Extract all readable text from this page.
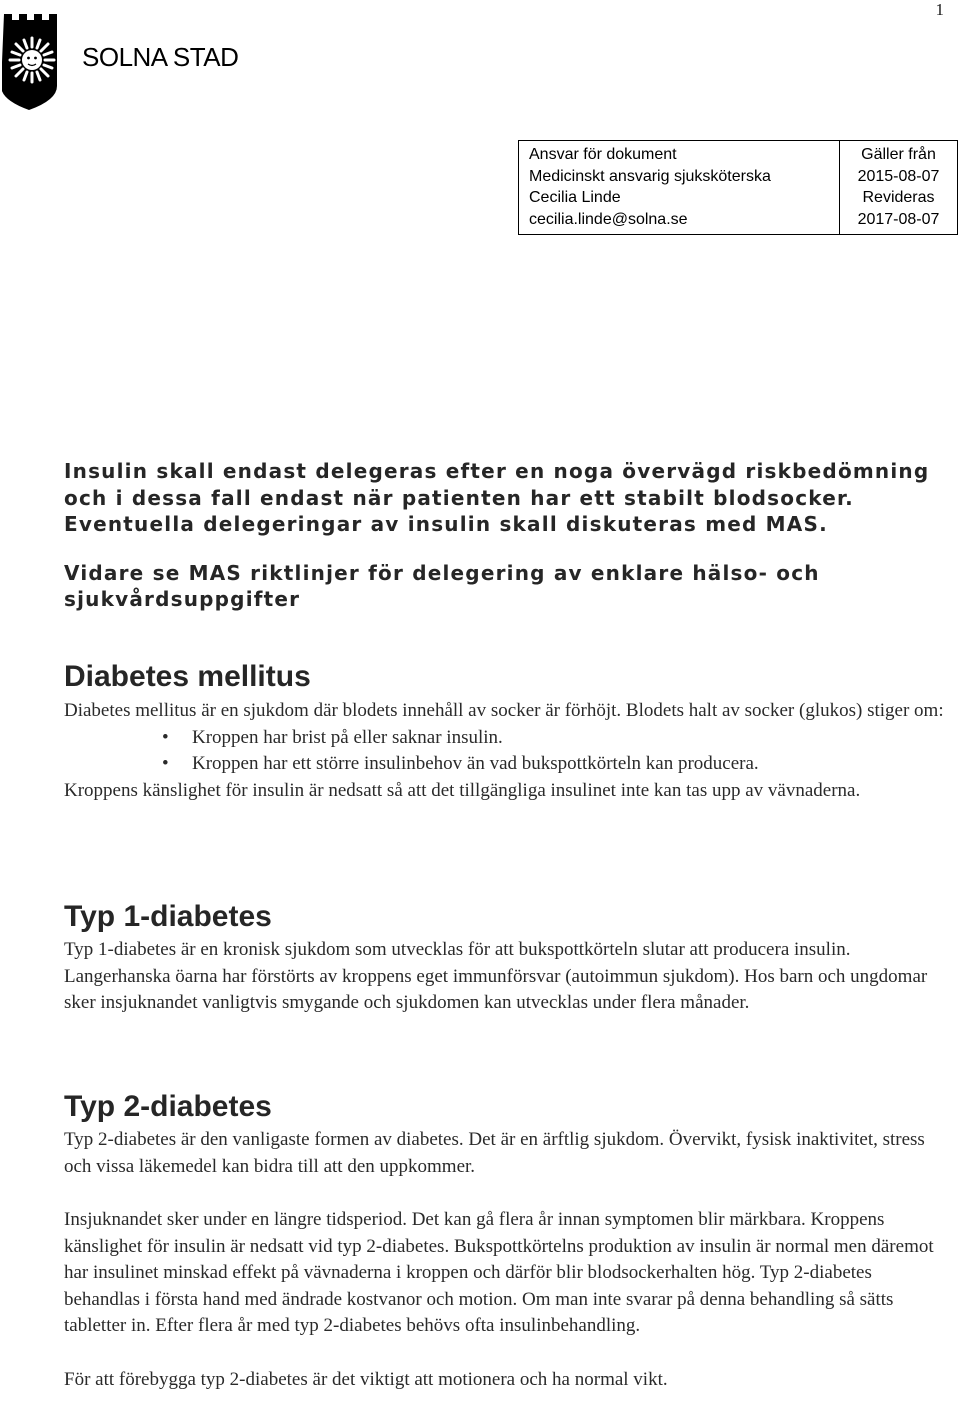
1
SOLNA STAD
Ansvar för dokument
Medicinskt ansvarig sjuksköterska
Cecilia Linde
cecilia.linde@solna.se

Gäller från
2015-08-07
Revideras
2017-08-07

Insulin skall endast delegeras efter en noga övervägd riskbedömning och i dessa fall endast när patienten har ett stabilt blodsocker. Eventuella delegeringar av insulin skall diskuteras med MAS.

Vidare se MAS riktlinjer för delegering av enklare hälso- och sjukvårdsuppgifter

Diabetes mellitus

Diabetes mellitus är en sjukdom där blodets innehåll av socker är förhöjt. Blodets halt av socker (glukos) stiger om:

• Kroppen har brist på eller saknar insulin.
• Kroppen har ett större insulinbehov än vad bukspottkörteln kan producera.

Kroppens känslighet för insulin är nedsatt så att det tillgängliga insulinet inte kan tas upp av vävnaderna.

Typ 1-diabetes

Typ 1-diabetes är en kronisk sjukdom som utvecklas för att bukspottkörteln slutar att producera insulin. Langerhanska öarna har förstörts av kroppens eget immunförsvar (autoimmun sjukdom). Hos barn och ungdomar sker insjuknandet vanligtvis smygande och sjukdomen kan utvecklas under flera månader.

Typ 2-diabetes

Typ 2-diabetes är den vanligaste formen av diabetes. Det är en ärftlig sjukdom. Övervikt, fysisk inaktivitet, stress och vissa läkemedel kan bidra till att den uppkommer.

Insjuknandet sker under en längre tidsperiod. Det kan gå flera år innan symptomen blir märkbara. Kroppens känslighet för insulin är nedsatt vid typ 2-diabetes. Bukspottkörtelns produktion av insulin är normal men däremot har insulinet minskad effekt på vävnaderna i kroppen och därför blir blodsockerhalten hög. Typ 2-diabetes behandlas i första hand med ändrade kostvanor och motion. Om man inte svarar på denna behandling så sätts tabletter in. Efter flera år med typ 2-diabetes behövs ofta insulinbehandling.

För att förebygga typ 2-diabetes är det viktigt att motionera och ha normal vikt.
